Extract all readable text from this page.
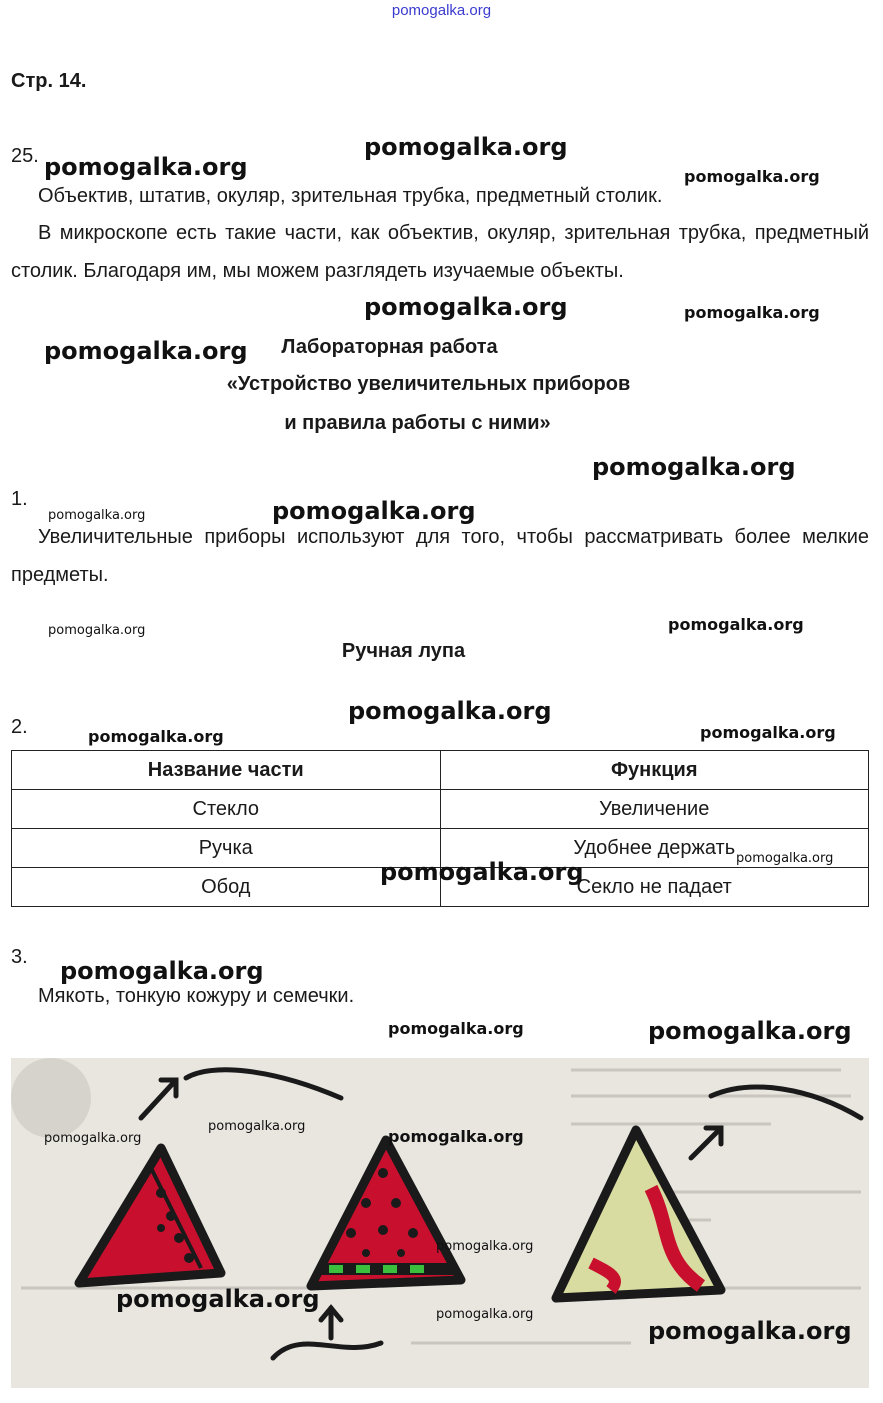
pomogalka.org
Стр. 14.
25.
Объектив, штатив, окуляр, зрительная трубка, предметный столик.
В микроскопе есть такие части, как объектив, окуляр, зрительная трубка, предметный столик. Благодаря им, мы можем разглядеть изучаемые объекты.
Лабораторная работа
«Устройство увеличительных приборов
и правила работы с ними»
1.
Увеличительные приборы используют для того, чтобы рассматривать более мелкие предметы.
Ручная лупа
2.
Название части	Функция
Стекло	Увеличение
Ручка	Удобнее держать
Обод	Секло не падает
3.
Мякоть, тонкую кожуру и семечки.
pomogalka.org
pomogalka.org	pomogalka.org
pomogalka.org	pomogalka.org
pomogalka.org
pomogalka.org
pomogalka.org	pomogalka.org
pomogalka.org	pomogalka.org
pomogalka.org
pomogalka.org	pomogalka.org
pomogalka.org
pomogalka.org
pomogalka.org
pomogalka.org	pomogalka.org
pomogalka.org
pomogalka.org	pomogalka.org
pomogalka.org
pomogalka.org
pomogalka.org
pomogalka.org
